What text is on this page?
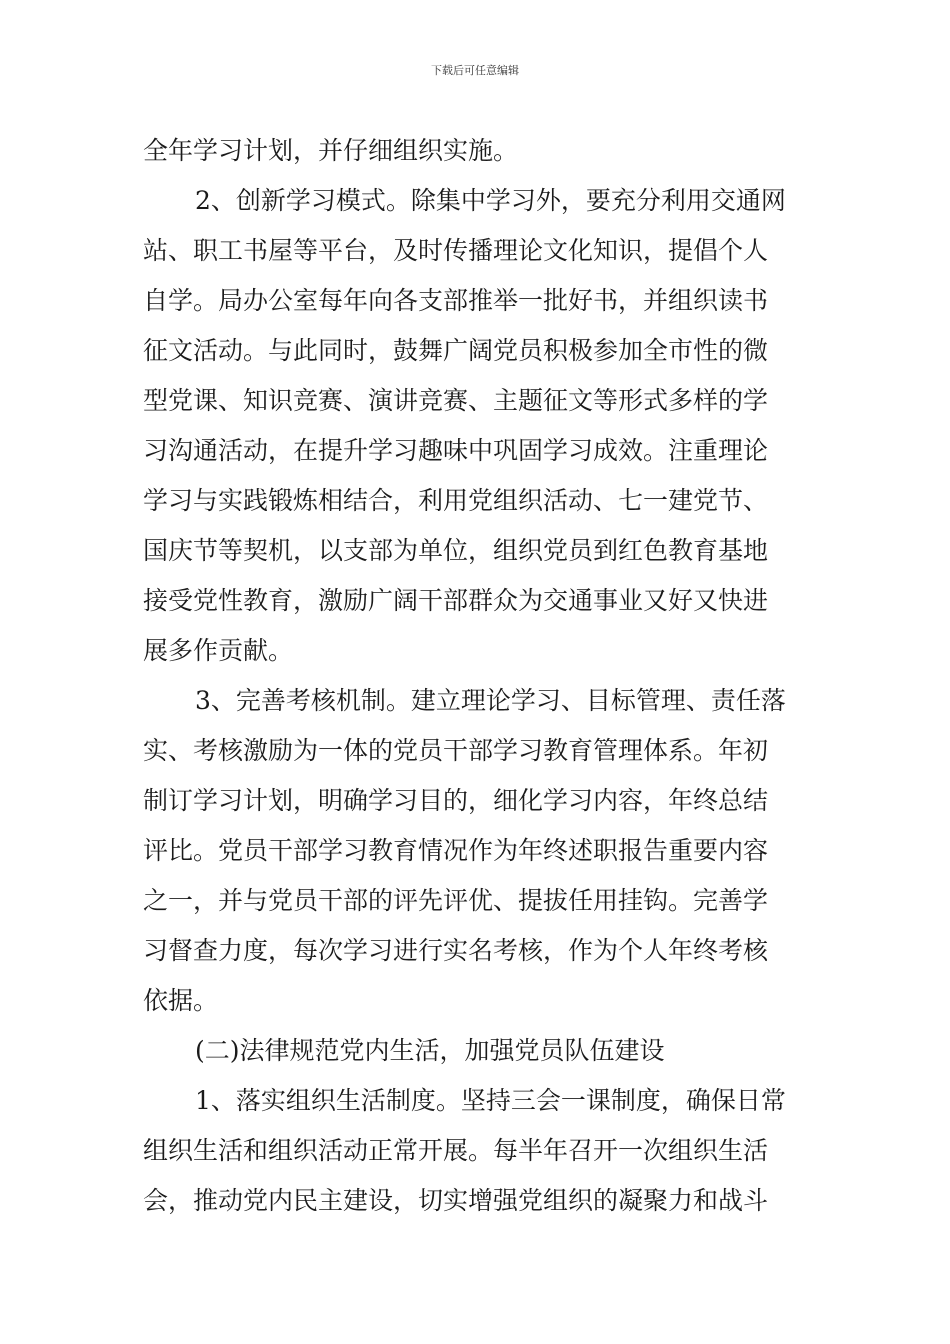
下载后可任意编辑
全年学习计划，并仔细组织实施。
2、创新学习模式。除集中学习外，要充分利用交通网
站、职工书屋等平台，及时传播理论文化知识，提倡个人
自学。局办公室每年向各支部推举一批好书，并组织读书
征文活动。与此同时，鼓舞广阔党员积极参加全市性的微
型党课、知识竞赛、演讲竞赛、主题征文等形式多样的学
习沟通活动，在提升学习趣味中巩固学习成效。注重理论
学习与实践锻炼相结合，利用党组织活动、七一建党节、
国庆节等契机，以支部为单位，组织党员到红色教育基地
接受党性教育，激励广阔干部群众为交通事业又好又快进
展多作贡献。
3、完善考核机制。建立理论学习、目标管理、责任落
实、考核激励为一体的党员干部学习教育管理体系。年初
制订学习计划，明确学习目的，细化学习内容，年终总结
评比。党员干部学习教育情况作为年终述职报告重要内容
之一，并与党员干部的评先评优、提拔任用挂钩。完善学
习督查力度，每次学习进行实名考核，作为个人年终考核
依据。
(二)法律规范党内生活，加强党员队伍建设
1、落实组织生活制度。坚持三会一课制度，确保日常
组织生活和组织活动正常开展。每半年召开一次组织生活
会，推动党内民主建设，切实增强党组织的凝聚力和战斗
